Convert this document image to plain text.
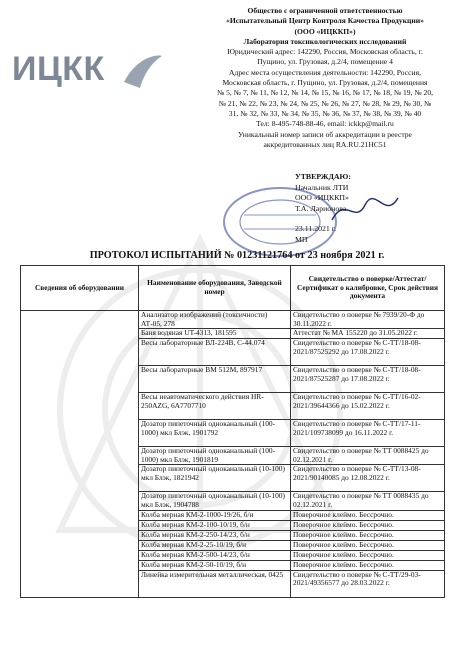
ИЦКК
Общество с ограниченной ответственностью
«Испытательный Центр Контроля Качества Продукции»
(ООО «ИЦККП»)
Лаборатория токсикологических исследований
Юридический адрес: 142290, Россия, Московская область, г.
Пущино, ул. Грузовая, д.2/4, помещение 4
Адрес места осуществления деятельности: 142290, Россия,
Московская область, г. Пущино, ул. Грузовая, д.2/4, помещения
№ 5, № 7, № 11, № 12, № 14, № 15, № 16, № 17, № 18, № 19, № 20,
№ 21, № 22, № 23, № 24, № 25, № 26, № 27, № 28, № 29, № 30, №
31, № 32, № 33, № 34, № 35, № 36, № 37, № 38, № 39, № 40
Тел: 8-495-748-88-46, email: ickkp@mail.ru
Уникальный номер записи об аккредитации в реестре
аккредитованных лиц RA.RU.21НС51
УТВЕРЖДАЮ:
Начальник ЛТИ
ООО «ИЦККП»
Т.А. Ларионова
23.11.2021 г.
МП
ПРОТОКОЛ ИСПЫТАНИЙ № 01231121764 от 23 ноября 2021 г.
Сведения об оборудовании	Наименование оборудования, Заводской номер	Свидетельство о поверке/Аттестат/Сертификат о калибровке, Срок действия документа
	Анализатор изображений (токсичности) АТ-05, 278	Свидетельство о поверке № 7939/20-Ф до 30.11.2022 г.
	Баня водяная UT-4313, 181595	Аттестат № МА 155220 до 31.05.2022 г.
	Весы лабораторные ВЛ-224В, С-44.074	Свидетельство о поверке № С-ТТ/18-08-2021/87525292 до 17.08.2022 г.
	Весы лабораторные ВМ 512М, 897917	Свидетельство о поверке № С-ТТ/18-08-2021/87525287 до 17.08.2022 г.
	Весы неавтоматического действия HR-250AZG, 6A7707710	Свидетельство о поверке № С-ТТ/16-02-2021/39644366 до 15.02.2022 г.
	Дозатор пипеточный одноканальный (100-1000) мкл Блэк, 1901792	Свидетельство о поверке № С-ТТ/17-11-2021/109738099 до 16.11.2022 г.
	Дозатор пипеточный одноканальный (100-1000) мкл Блэк, 1901819	Свидетельство о поверке № ТТ 0088425 до 02.12.2021 г.
	Дозатор пипеточный одноканальный (10-100) мкл Блэк, 1821942	Свидетельство о поверке № С-ТТ/13-08-2021/90140085 до 12.08.2022 г.
	Дозатор пипеточный одноканальный (10-100) мкл Блэк, 1904788	Свидетельство о поверке № ТТ 0088435 до 02.12.2021 г.
	Колба мерная КМ-2-1000-19/26, б/н	Поверочное клеймо. Бессрочно.
	Колба мерная КМ-2-100-10/19, б/н	Поверочное клеймо. Бессрочно.
	Колба мерная КМ-2-250-14/23, б/н	Поверочное клеймо. Бессрочно.
	Колба мерная КМ-2-25-10/19, б/н	Поверочное клеймо. Бессрочно.
	Колба мерная КМ-2-500-14/23, б/н	Поверочное клеймо. Бессрочно.
	Колба мерная КМ-2-50-10/19, б/н	Поверочное клеймо. Бессрочно.
	Линейка измерительная металлическая, 0425	Свидетельство о поверке № С-ТТ/29-03-2021/49356577 до 28.03.2022 г.
